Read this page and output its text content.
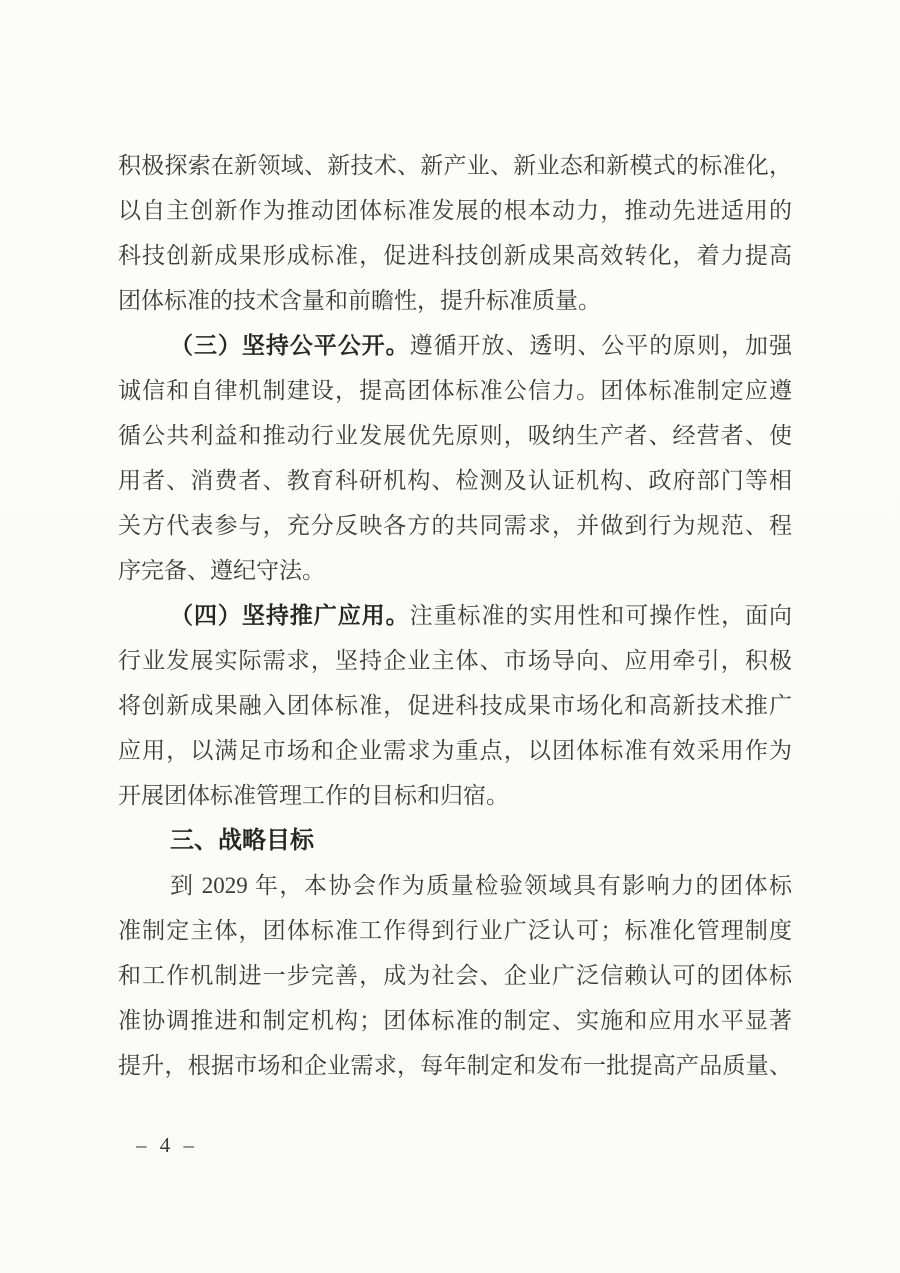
积极探索在新领域、新技术、新产业、新业态和新模式的标准化，
以自主创新作为推动团体标准发展的根本动力，推动先进适用的
科技创新成果形成标准，促进科技创新成果高效转化，着力提高
团体标准的技术含量和前瞻性，提升标准质量。
（三）坚持公平公开。遵循开放、透明、公平的原则，加强
诚信和自律机制建设，提高团体标准公信力。团体标准制定应遵
循公共利益和推动行业发展优先原则，吸纳生产者、经营者、使
用者、消费者、教育科研机构、检测及认证机构、政府部门等相
关方代表参与，充分反映各方的共同需求，并做到行为规范、程
序完备、遵纪守法。
（四）坚持推广应用。注重标准的实用性和可操作性，面向
行业发展实际需求，坚持企业主体、市场导向、应用牵引，积极
将创新成果融入团体标准，促进科技成果市场化和高新技术推广
应用，以满足市场和企业需求为重点，以团体标准有效采用作为
开展团体标准管理工作的目标和归宿。
三、战略目标
到 2029 年，本协会作为质量检验领域具有影响力的团体标
准制定主体，团体标准工作得到行业广泛认可；标准化管理制度
和工作机制进一步完善，成为社会、企业广泛信赖认可的团体标
准协调推进和制定机构；团体标准的制定、实施和应用水平显著
提升，根据市场和企业需求，每年制定和发布一批提高产品质量、
– 4 –
